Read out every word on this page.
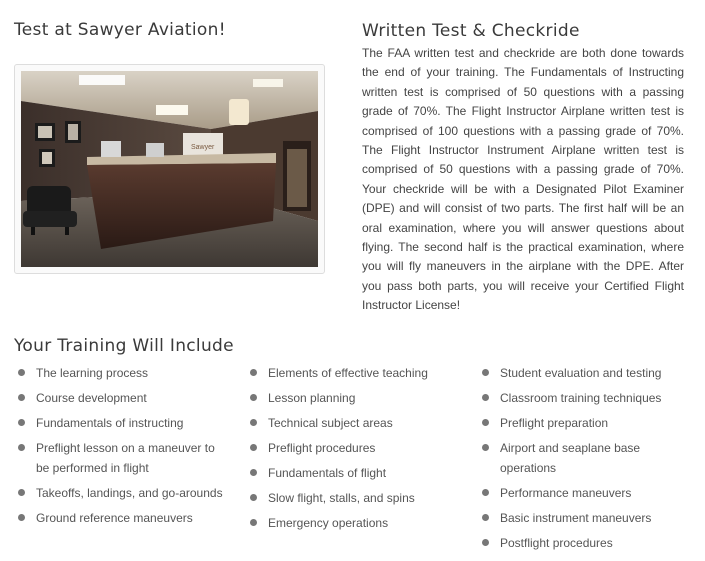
Test at Sawyer Aviation!
Sawyer
Written Test & Checkride

The FAA written test and checkride are both done towards the end of your training. The Fundamentals of Instructing written test is comprised of 50 questions with a passing grade of 70%. The Flight Instructor Airplane written test is comprised of 100 questions with a passing grade of 70%. The Flight Instructor Instrument Airplane written test is comprised of 50 questions with a passing grade of 70%. Your checkride will be with a Designated Pilot Examiner (DPE) and will consist of two parts. The first half will be an oral examination, where you will answer questions about flying. The second half is the practical examination, where you will fly maneuvers in the airplane with the DPE. After you pass both parts, you will receive your Certified Flight Instructor License!

Your Training Will Include
The learning process
Course development
Fundamentals of instructing
Preflight lesson on a maneuver to be performed in flight
Takeoffs, landings, and go-arounds
Ground reference maneuvers
Elements of effective teaching
Lesson planning
Technical subject areas
Preflight procedures
Fundamentals of flight
Slow flight, stalls, and spins
Emergency operations
Student evaluation and testing
Classroom training techniques
Preflight preparation
Airport and seaplane base operations
Performance maneuvers
Basic instrument maneuvers
Postflight procedures
